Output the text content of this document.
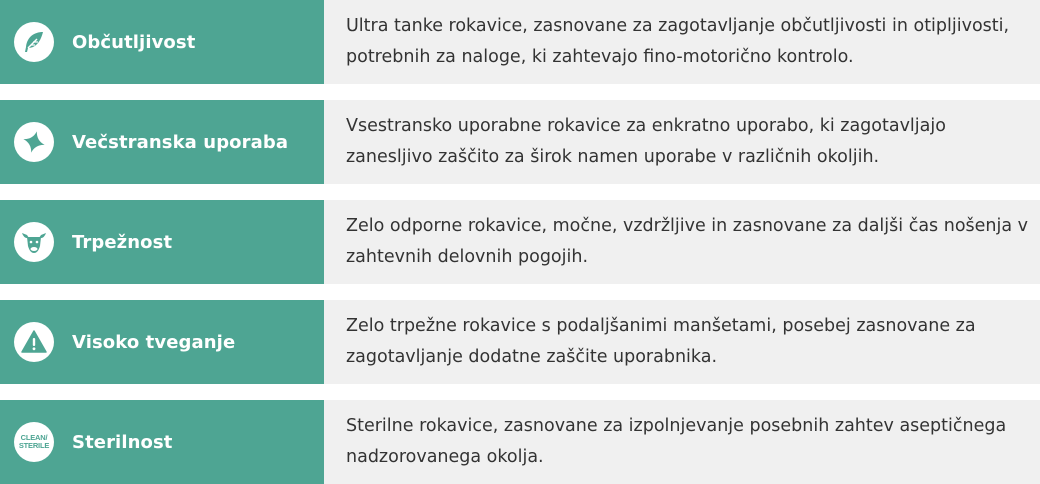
Občutljivost
Ultra tanke rokavice, zasnovane za zagotavljanje občutljivosti in otipljivosti, potrebnih za naloge, ki zahtevajo fino-motorično kontrolo.
Večstranska uporaba
Vsestransko uporabne rokavice za enkratno uporabo, ki zagotavljajo zanesljivo zaščito za širok namen uporabe v različnih okoljih.
Trpežnost
Zelo odporne rokavice, močne, vzdržljive in zasnovane za daljši čas nošenja v zahtevnih delovnih pogojih.
Visoko tveganje
Zelo trpežne rokavice s podaljšanimi manšetami, posebej zasnovane za zagotavljanje dodatne zaščite uporabnika.
CLEAN/
STERILE Sterilnost
Sterilne rokavice, zasnovane za izpolnjevanje posebnih zahtev aseptičnega nadzorovanega okolja.
